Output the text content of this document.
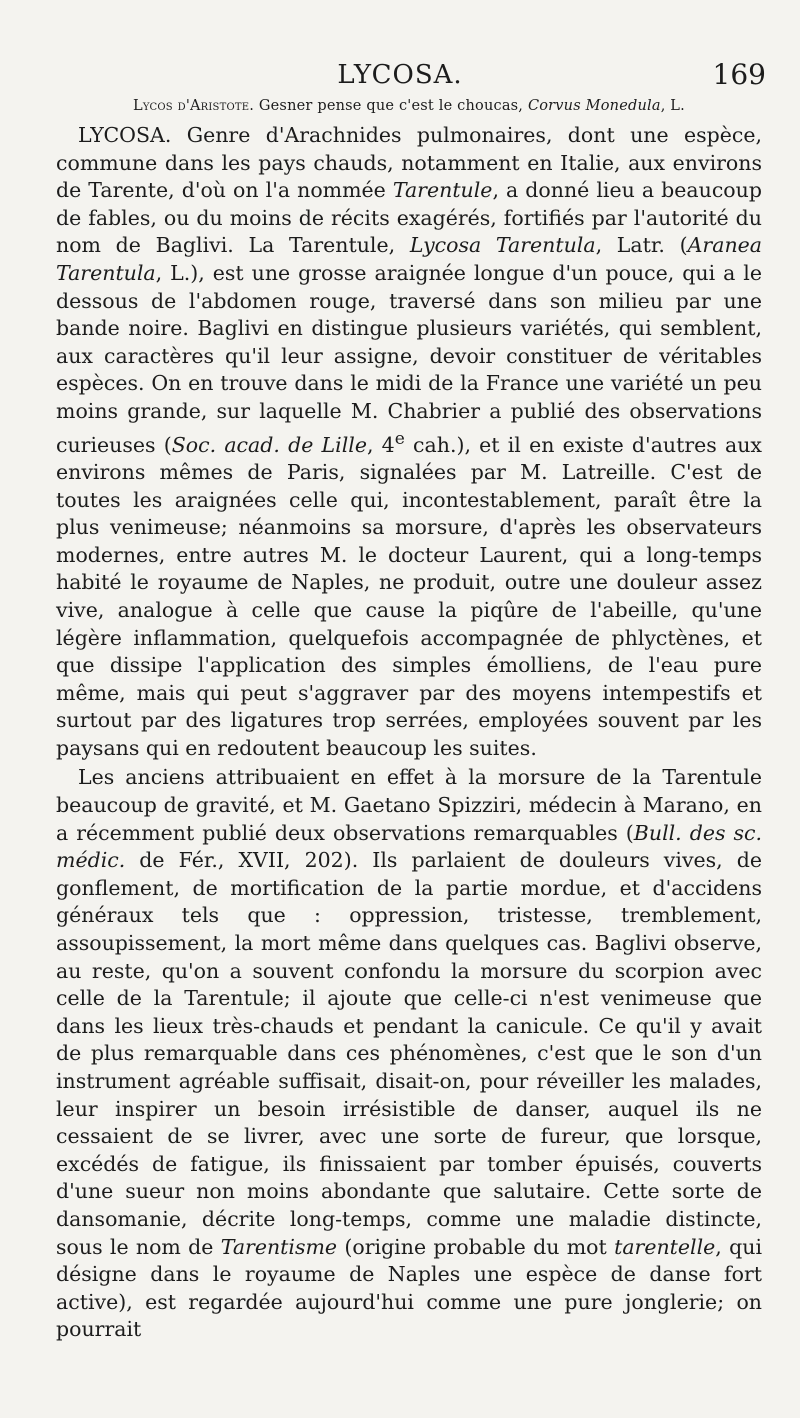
LYCOSA.	169

Lycos d'Aristote. Gesner pense que c'est le choucas, Corvus Monedula, L.

LYCOSA. Genre d'Arachnides pulmonaires, dont une espèce, commune dans les pays chauds, notamment en Italie, aux environs de Tarente, d'où on l'a nommée Tarentule, a donné lieu a beaucoup de fables, ou du moins de récits exagérés, fortifiés par l'autorité du nom de Baglivi. La Tarentule, Lycosa Tarentula, Latr. (Aranea Tarentula, L.), est une grosse araignée longue d'un pouce, qui a le dessous de l'abdomen rouge, traversé dans son milieu par une bande noire. Baglivi en distingue plusieurs variétés, qui semblent, aux caractères qu'il leur assigne, devoir constituer de véritables espèces. On en trouve dans le midi de la France une variété un peu moins grande, sur laquelle M. Chabrier a publié des observations curieuses (Soc. acad. de Lille, 4e cah.), et il en existe d'autres aux environs mêmes de Paris, signalées par M. Latreille. C'est de toutes les araignées celle qui, incontestablement, paraît être la plus venimeuse; néanmoins sa morsure, d'après les observateurs modernes, entre autres M. le docteur Laurent, qui a long-temps habité le royaume de Naples, ne produit, outre une douleur assez vive, analogue à celle que cause la piqûre de l'abeille, qu'une légère inflammation, quelquefois accompagnée de phlyctènes, et que dissipe l'application des simples émolliens, de l'eau pure même, mais qui peut s'aggraver par des moyens intempestifs et surtout par des ligatures trop serrées, employées souvent par les paysans qui en redoutent beaucoup les suites.

Les anciens attribuaient en effet à la morsure de la Tarentule beaucoup de gravité, et M. Gaetano Spizziri, médecin à Marano, en a récemment publié deux observations remarquables (Bull. des sc. médic. de Fér., XVII, 202). Ils parlaient de douleurs vives, de gonflement, de mortification de la partie mordue, et d'accidens généraux tels que : oppression, tristesse, tremblement, assoupissement, la mort même dans quelques cas. Baglivi observe, au reste, qu'on a souvent confondu la morsure du scorpion avec celle de la Tarentule; il ajoute que celle-ci n'est venimeuse que dans les lieux très-chauds et pendant la canicule. Ce qu'il y avait de plus remarquable dans ces phénomènes, c'est que le son d'un instrument agréable suffisait, disait-on, pour réveiller les malades, leur inspirer un besoin irrésistible de danser, auquel ils ne cessaient de se livrer, avec une sorte de fureur, que lorsque, excédés de fatigue, ils finissaient par tomber épuisés, couverts d'une sueur non moins abondante que salutaire. Cette sorte de dansomanie, décrite long-temps, comme une maladie distincte, sous le nom de Tarentisme (origine probable du mot tarentelle, qui désigne dans le royaume de Naples une espèce de danse fort active), est regardée aujourd'hui comme une pure jonglerie; on pourrait
